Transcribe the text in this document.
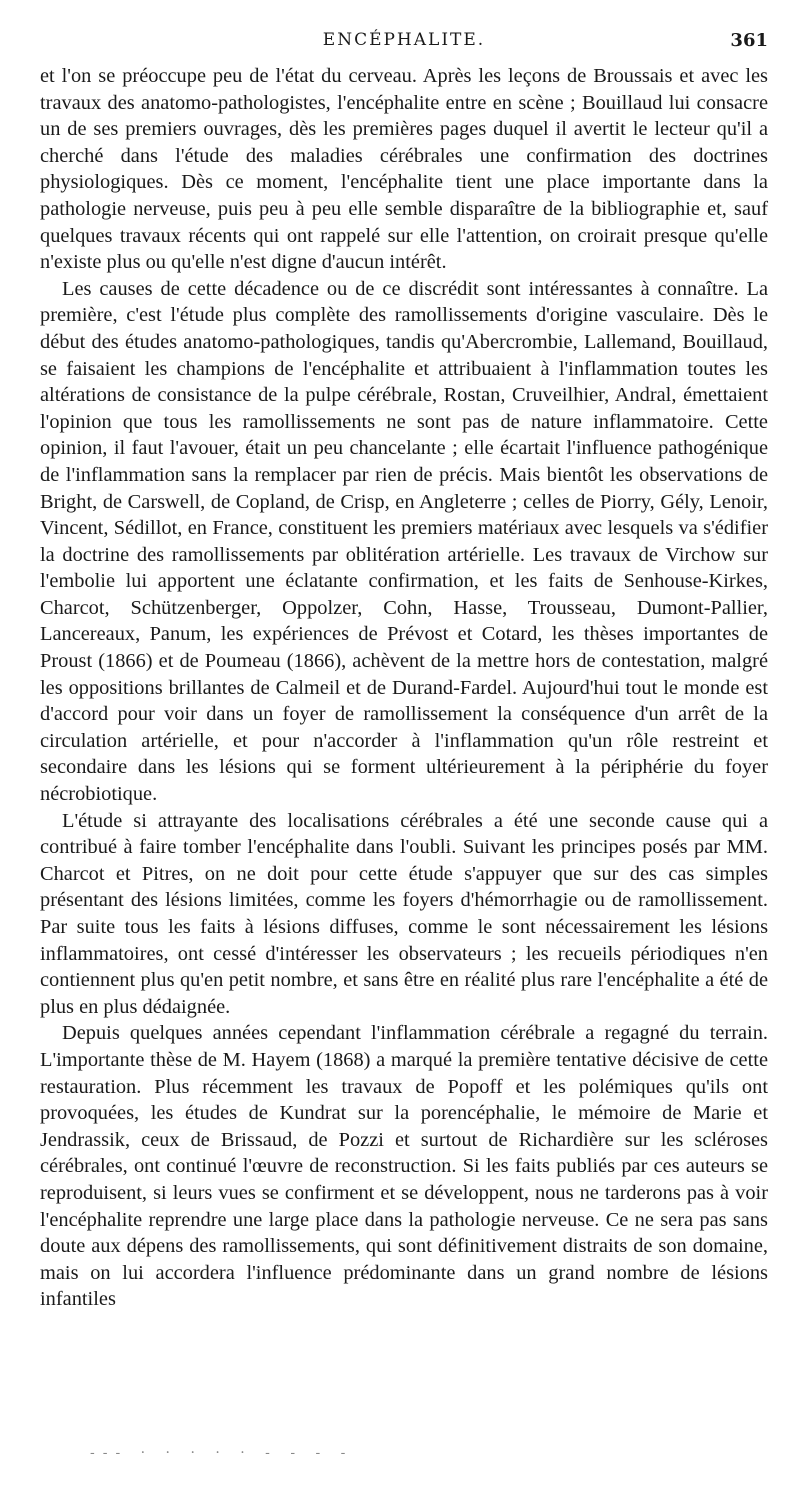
ENCÉPHALITE.	361

et l'on se préoccupe peu de l'état du cerveau. Après les leçons de Broussais et avec les travaux des anatomo-pathologistes, l'encéphalite entre en scène ; Bouillaud lui consacre un de ses premiers ouvrages, dès les premières pages duquel il avertit le lecteur qu'il a cherché dans l'étude des maladies cérébrales une confirmation des doctrines physiologiques. Dès ce moment, l'encéphalite tient une place importante dans la pathologie nerveuse, puis peu à peu elle semble disparaître de la bibliographie et, sauf quelques travaux récents qui ont rappelé sur elle l'attention, on croirait presque qu'elle n'existe plus ou qu'elle n'est digne d'aucun intérêt.

Les causes de cette décadence ou de ce discrédit sont intéressantes à connaître. La première, c'est l'étude plus complète des ramollissements d'origine vasculaire. Dès le début des études anatomo-pathologiques, tandis qu'Abercrombie, Lallemand, Bouillaud, se faisaient les champions de l'encéphalite et attribuaient à l'inflammation toutes les altérations de consistance de la pulpe cérébrale, Rostan, Cruveilhier, Andral, émettaient l'opinion que tous les ramollissements ne sont pas de nature inflammatoire. Cette opinion, il faut l'avouer, était un peu chancelante ; elle écartait l'influence pathogénique de l'inflammation sans la remplacer par rien de précis. Mais bientôt les observations de Bright, de Carswell, de Copland, de Crisp, en Angleterre ; celles de Piorry, Gély, Lenoir, Vincent, Sédillot, en France, constituent les premiers matériaux avec lesquels va s'édifier la doctrine des ramollissements par oblitération artérielle. Les travaux de Virchow sur l'embolie lui apportent une éclatante confirmation, et les faits de Senhouse-Kirkes, Charcot, Schützenberger, Oppolzer, Cohn, Hasse, Trousseau, Dumont-Pallier, Lancereaux, Panum, les expériences de Prévost et Cotard, les thèses importantes de Proust (1866) et de Poumeau (1866), achèvent de la mettre hors de contestation, malgré les oppositions brillantes de Calmeil et de Durand-Fardel. Aujourd'hui tout le monde est d'accord pour voir dans un foyer de ramollissement la conséquence d'un arrêt de la circulation artérielle, et pour n'accorder à l'inflammation qu'un rôle restreint et secondaire dans les lésions qui se forment ultérieurement à la périphérie du foyer nécrobiotique.

L'étude si attrayante des localisations cérébrales a été une seconde cause qui a contribué à faire tomber l'encéphalite dans l'oubli. Suivant les principes posés par MM. Charcot et Pitres, on ne doit pour cette étude s'appuyer que sur des cas simples présentant des lésions limitées, comme les foyers d'hémorrhagie ou de ramollissement. Par suite tous les faits à lésions diffuses, comme le sont nécessairement les lésions inflammatoires, ont cessé d'intéresser les observateurs ; les recueils périodiques n'en contiennent plus qu'en petit nombre, et sans être en réalité plus rare l'encéphalite a été de plus en plus dédaignée.

Depuis quelques années cependant l'inflammation cérébrale a regagné du terrain. L'importante thèse de M. Hayem (1868) a marqué la première tentative décisive de cette restauration. Plus récemment les travaux de Popoff et les polémiques qu'ils ont provoquées, les études de Kundrat sur la porencéphalie, le mémoire de Marie et Jendrassik, ceux de Brissaud, de Pozzi et surtout de Richardière sur les scléroses cérébrales, ont continué l'œuvre de reconstruction. Si les faits publiés par ces auteurs se reproduisent, si leurs vues se confirment et se développent, nous ne tarderons pas à voir l'encéphalite reprendre une large place dans la pathologie nerveuse. Ce ne sera pas sans doute aux dépens des ramollissements, qui sont définitivement distraits de son domaine, mais on lui accordera l'influence prédominante dans un grand nombre de lésions infantiles

--- · · · · · - - - -
